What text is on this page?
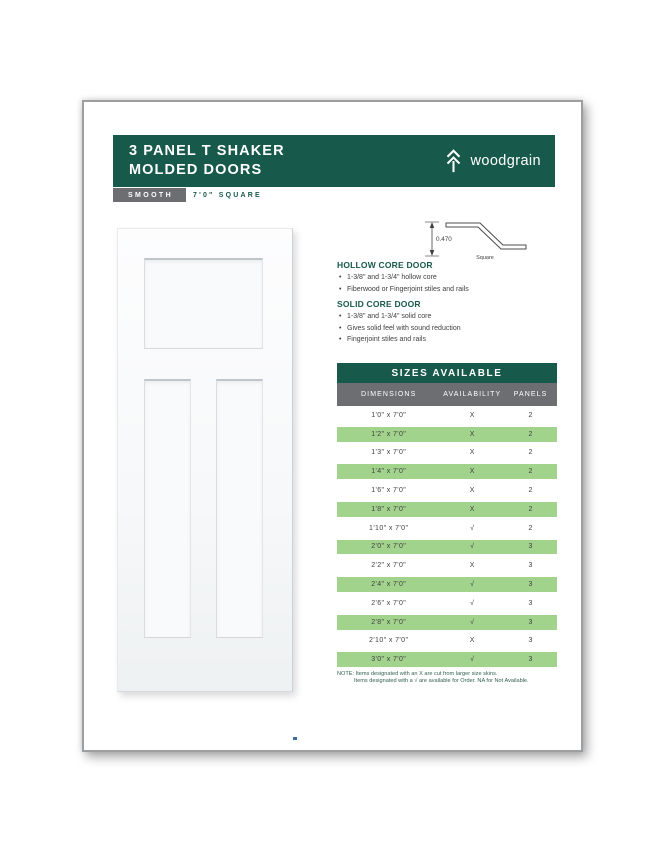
3 PANEL T SHAKER
MOLDED DOORS
woodgrain
SMOOTH	7'0" SQUARE
0.470
Square
HOLLOW CORE DOOR
• 1-3/8" and 1-3/4" hollow core
• Fiberwood or Fingerjoint stiles and rails
SOLID CORE DOOR
• 1-3/8" and 1-3/4" solid core
• Gives solid feel with sound reduction
• Fingerjoint stiles and rails
SIZES AVAILABLE
DIMENSIONS	AVAILABILITY	PANELS
1'0" x 7'0"	X	2
1'2" x 7'0"	X	2
1'3" x 7'0"	X	2
1'4" x 7'0"	X	2
1'6" x 7'0"	X	2
1'8" x 7'0"	X	2
1'10" x 7'0"	√	2
2'0" x 7'0"	√	3
2'2" x 7'0"	X	3
2'4" x 7'0"	√	3
2'6" x 7'0"	√	3
2'8" x 7'0"	√	3
2'10" x 7'0"	X	3
3'0" x 7'0"	√	3
NOTE: Items designated with an X are cut from larger size skins.
Items designated with a √ are available for Order. NA for Not Available.
